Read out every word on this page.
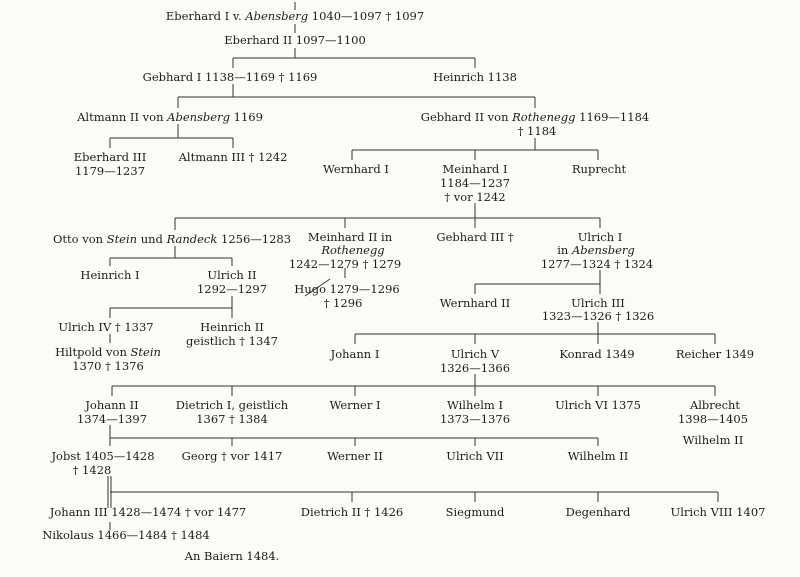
Eberhard I v. Abensberg 1040—1097 † 1097
Eberhard II 1097—1100
Gebhard I 1138—1169 † 1169	Heinrich 1138
Altmann II von Abensberg 1169	Gebhard II von Rothenegg 1169—1184
† 1184
Eberhard III
1179—1237
Altmann III † 1242
Wernhard I	Meinhard I
1184—1237
† vor 1242
Ruprecht
Otto von Stein und Randeck 1256—1283 Meinhard II in
Rothenegg
1242—1279 † 1279
Gebhard III †	Ulrich I
in Abensberg
1277—1324 † 1324
Heinrich I	Ulrich II
1292—1297 Hugo 1279—1296
† 1296	Wernhard II	Ulrich III
1323—1326 † 1326
Ulrich IV † 1337	Heinrich II
geistlich † 1347
Hiltpold von Stein
1370 † 1376
Johann I	Ulrich V
1326—1366
Konrad 1349	Reicher 1349
Johann II
1374—1397
Dietrich I, geistlich
1367 † 1384
Werner I	Wilhelm I
1373—1376
Ulrich VI 1375	Albrecht
1398—1405
Wilhelm II
Jobst 1405—1428
† 1428
Georg † vor 1417	Werner II	Ulrich VII	Wilhelm II
Johann III 1428—1474 † vor 1477	Dietrich II † 1426	Siegmund	Degenhard	Ulrich VIII 1407
Nikolaus 1466—1484 † 1484
An Baiern 1484.
